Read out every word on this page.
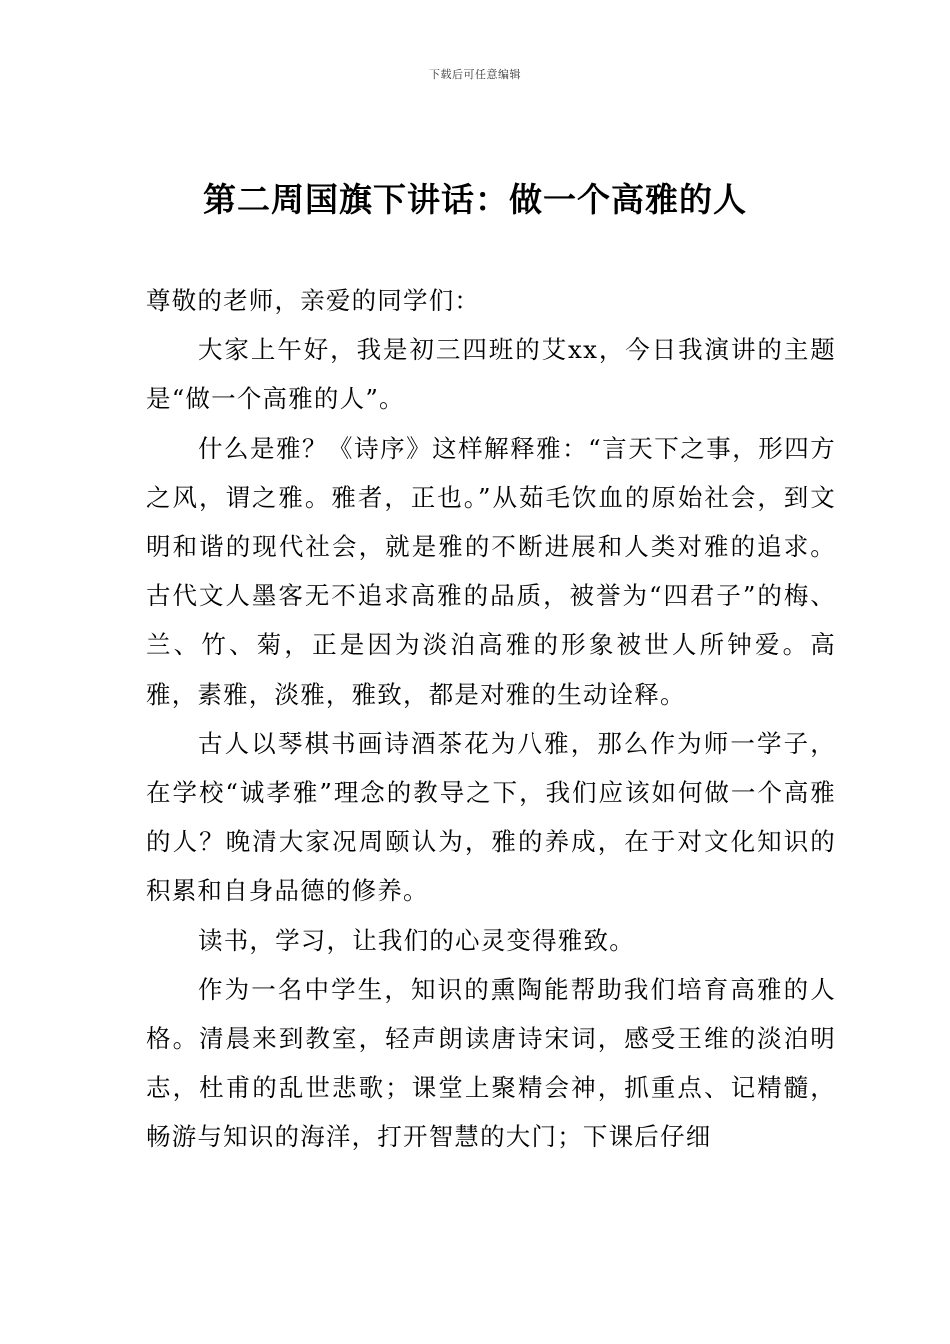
下载后可任意编辑
第二周国旗下讲话：做一个高雅的人

尊敬的老师，亲爱的同学们：

大家上午好，我是初三四班的艾xx，今日我演讲的主题是“做一个高雅的人”。

什么是雅？《诗序》这样解释雅：“言天下之事，形四方之风，谓之雅。雅者，正也。”从茹毛饮血的原始社会，到文明和谐的现代社会，就是雅的不断进展和人类对雅的追求。古代文人墨客无不追求高雅的品质，被誉为“四君子”的梅、兰、竹、菊，正是因为淡泊高雅的形象被世人所钟爱。高雅，素雅，淡雅，雅致，都是对雅的生动诠释。

古人以琴棋书画诗酒茶花为八雅，那么作为师一学子，在学校“诚孝雅”理念的教导之下，我们应该如何做一个高雅的人？晚清大家况周颐认为，雅的养成，在于对文化知识的积累和自身品德的修养。

读书，学习，让我们的心灵变得雅致。

作为一名中学生，知识的熏陶能帮助我们培育高雅的人格。清晨来到教室，轻声朗读唐诗宋词，感受王维的淡泊明志，杜甫的乱世悲歌；课堂上聚精会神，抓重点、记精髓，畅游与知识的海洋，打开智慧的大门；下课后仔细
